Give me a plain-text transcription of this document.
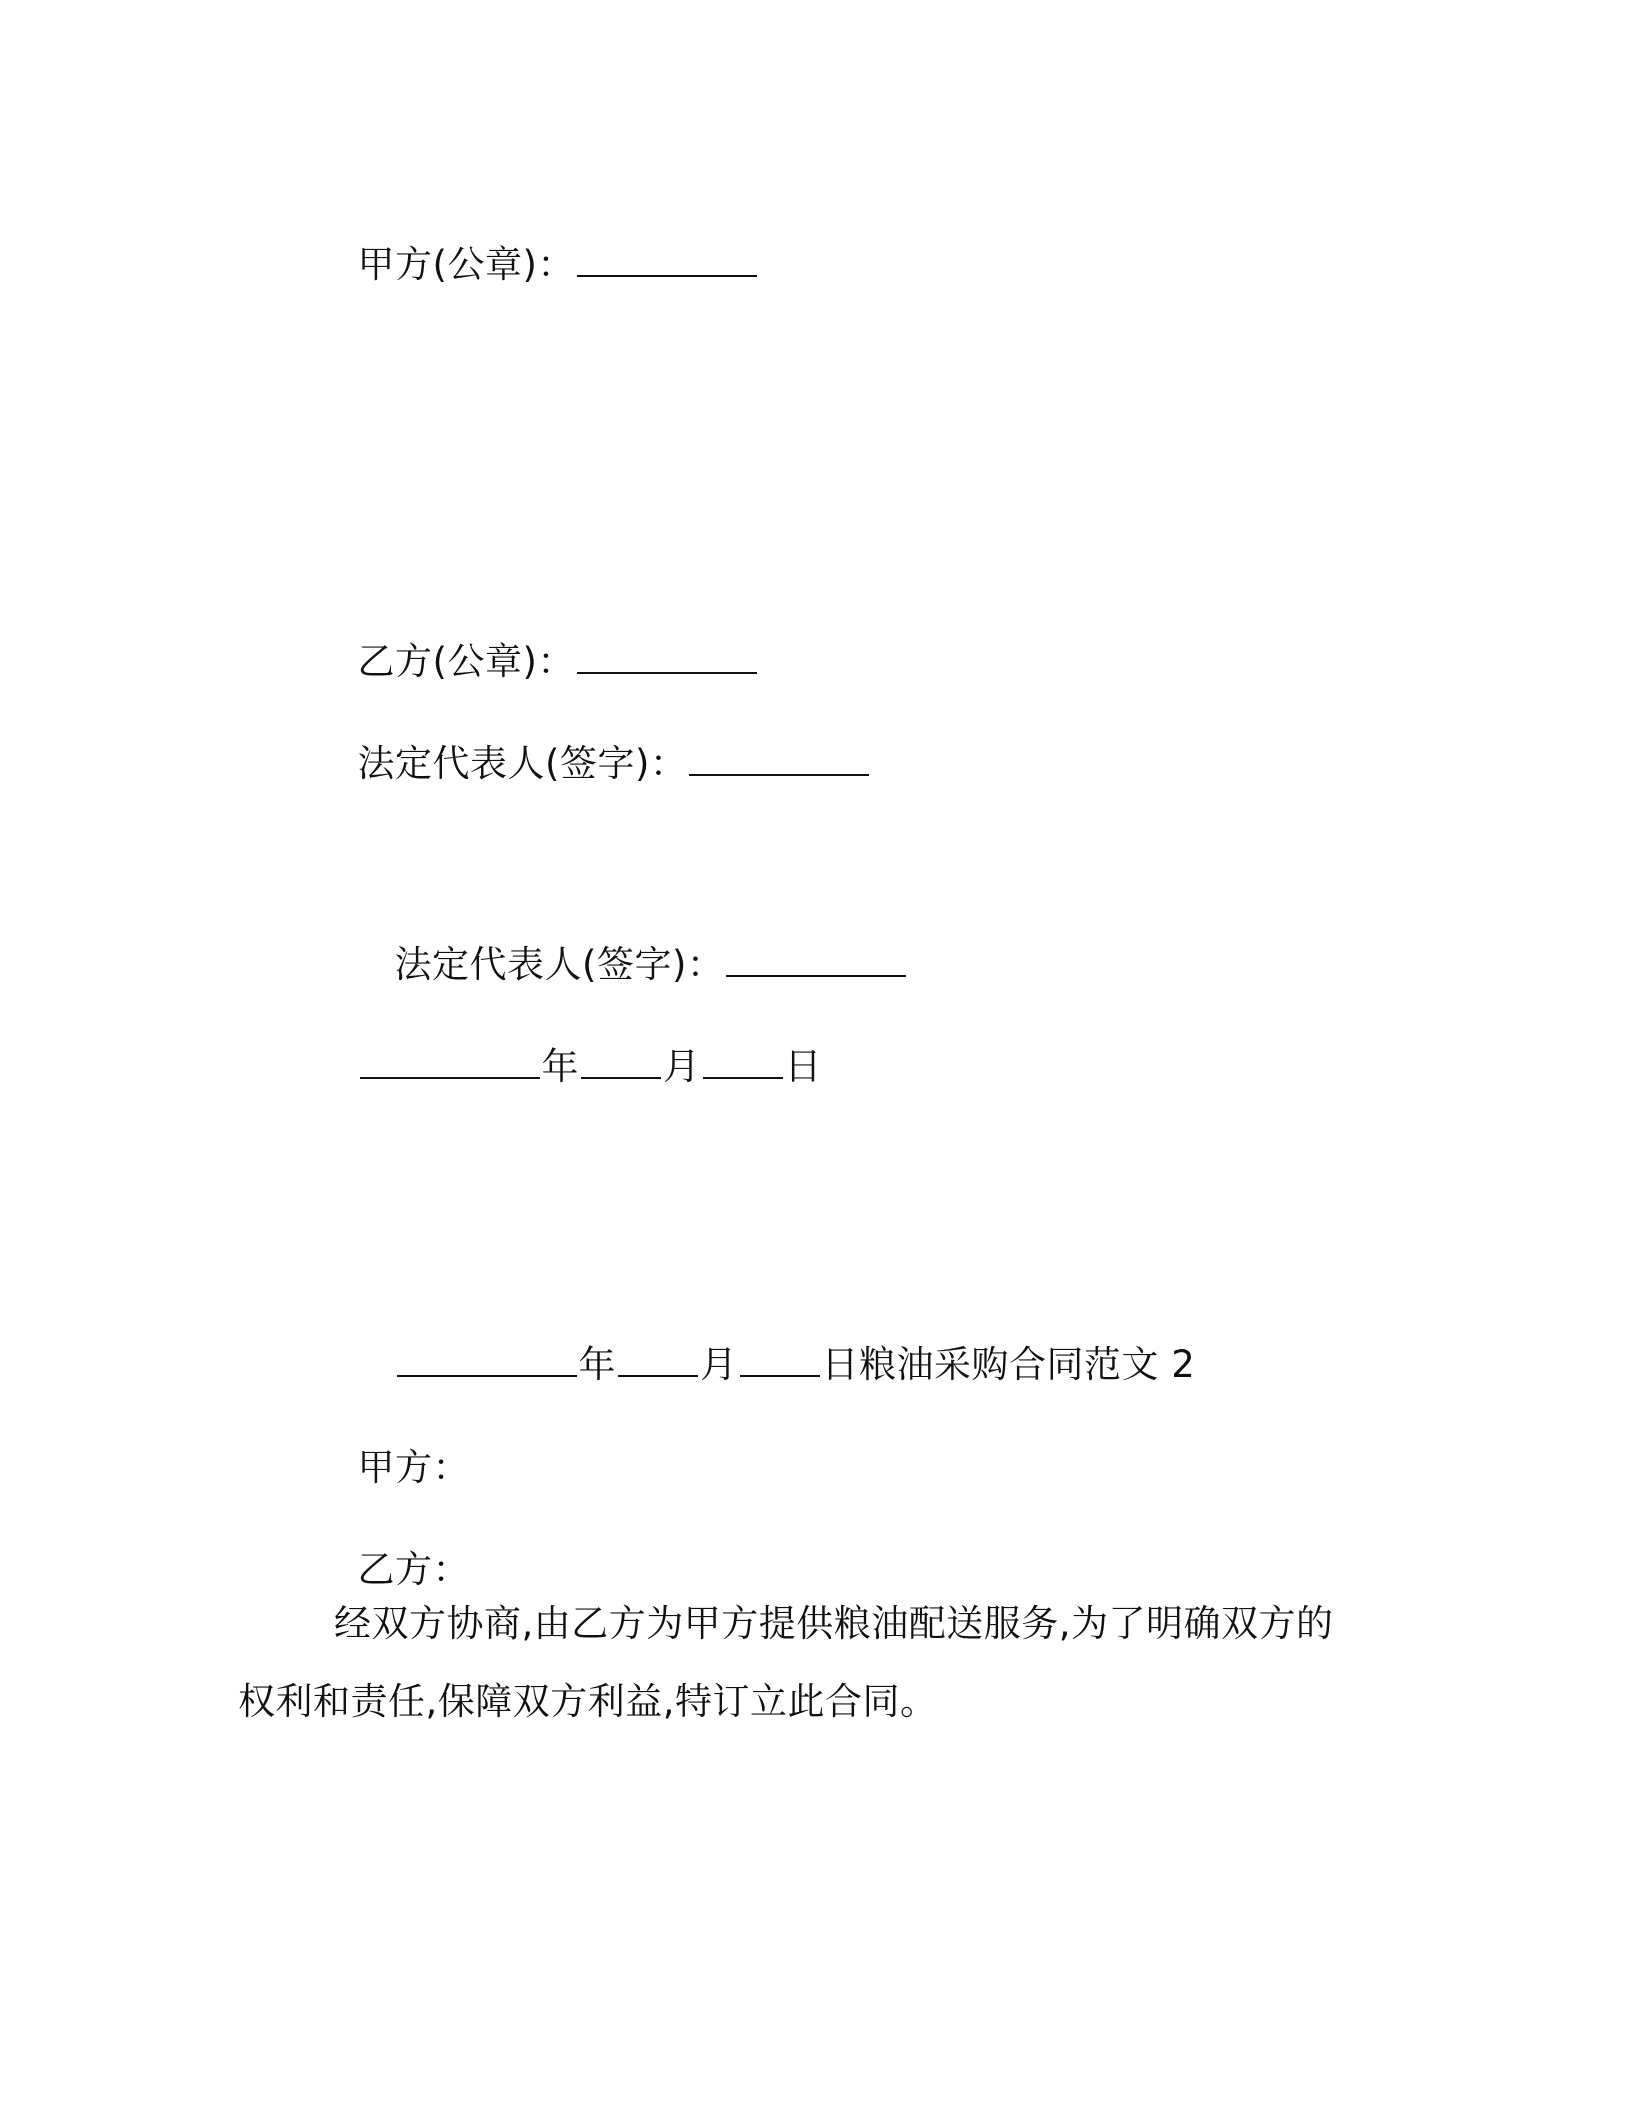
甲方(公章)：

乙方(公章)：

法定代表人(签字)：

法定代表人(签字)：

年 月 日

年 月 日粮油采购合同范文 2

甲方：

乙方：

经双方协商,由乙方为甲方提供粮油配送服务,为了明确双方的权利和责任,保障双方利益,特订立此合同。
